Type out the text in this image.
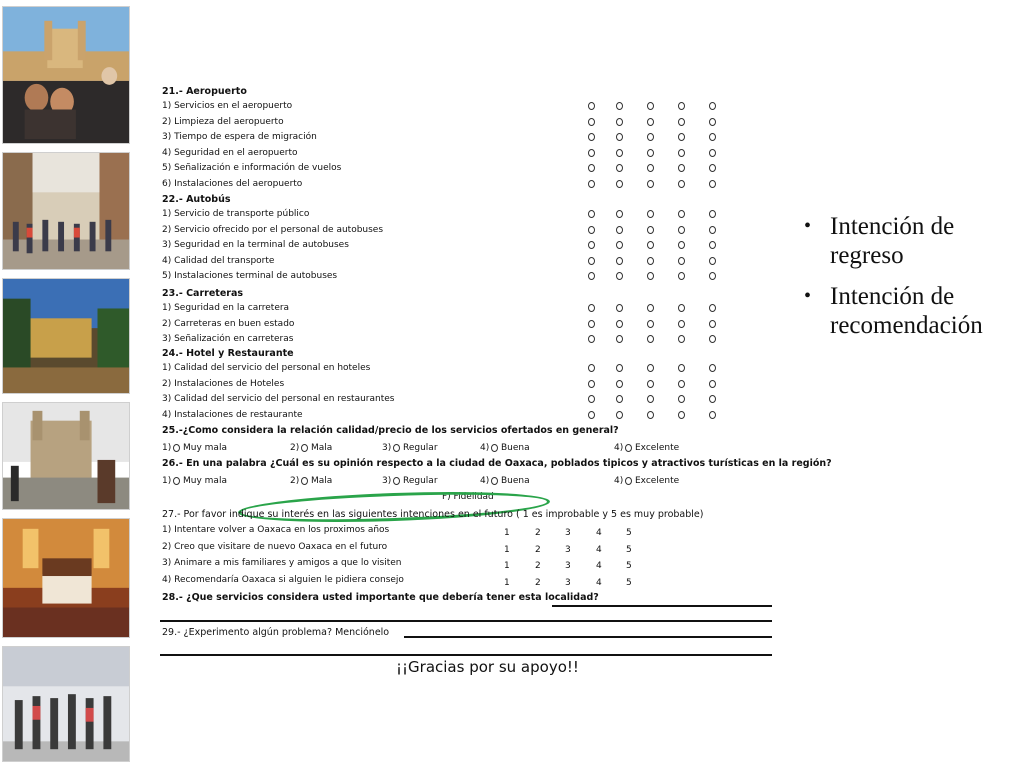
21.- Aeropuerto
1) Servicios en el aeropuerto
2) Limpieza del aeropuerto
3) Tiempo de espera de migración
4) Seguridad en el aeropuerto
5) Señalización e información de vuelos
6) Instalaciones del aeropuerto
22.- Autobús
1) Servicio de transporte público
2) Servicio ofrecido por el personal de autobuses
3) Seguridad en la terminal de autobuses
4) Calidad del transporte
5) Instalaciones terminal de autobuses
23.- Carreteras
1) Seguridad en la carretera
2) Carreteras en buen estado
3) Señalización en carreteras
24.- Hotel y Restaurante
1) Calidad del servicio del personal en hoteles
2) Instalaciones de Hoteles
3) Calidad del servicio del personal en restaurantes
4) Instalaciones de restaurante
25.-¿Como considera la relación calidad/precio de los servicios ofertados en general?
1) Muy mala	2) Mala	3) Regular	4) Buena	4) Excelente
26.- En una palabra ¿Cuál es su opinión respecto a la ciudad de Oaxaca, poblados tipicos y atractivos turísticas en la región?
1) Muy mala	2) Mala	3) Regular	4) Buena	4) Excelente
F) Fidelidad
27.- Por favor indique su interés en las siguientes intenciones en el futuro ( 1 es improbable y 5 es muy probable)
1) Intentare volver a Oaxaca en los proximos años	1	2	3	4	5
2) Creo que visitare de nuevo Oaxaca en el futuro	1	2	3	4	5
3) Animare a mis familiares y amigos a que lo visiten	1	2	3	4	5
4) Recomendaría Oaxaca si alguien le pidiera consejo	1	2	3	4	5
28.- ¿Que servicios considera usted importante que debería tener esta localidad?
29.- ¿Experimento algún problema? Menciónelo
¡¡Gracias por su apoyo!!
• Intención de regreso
• Intención de recomendación
